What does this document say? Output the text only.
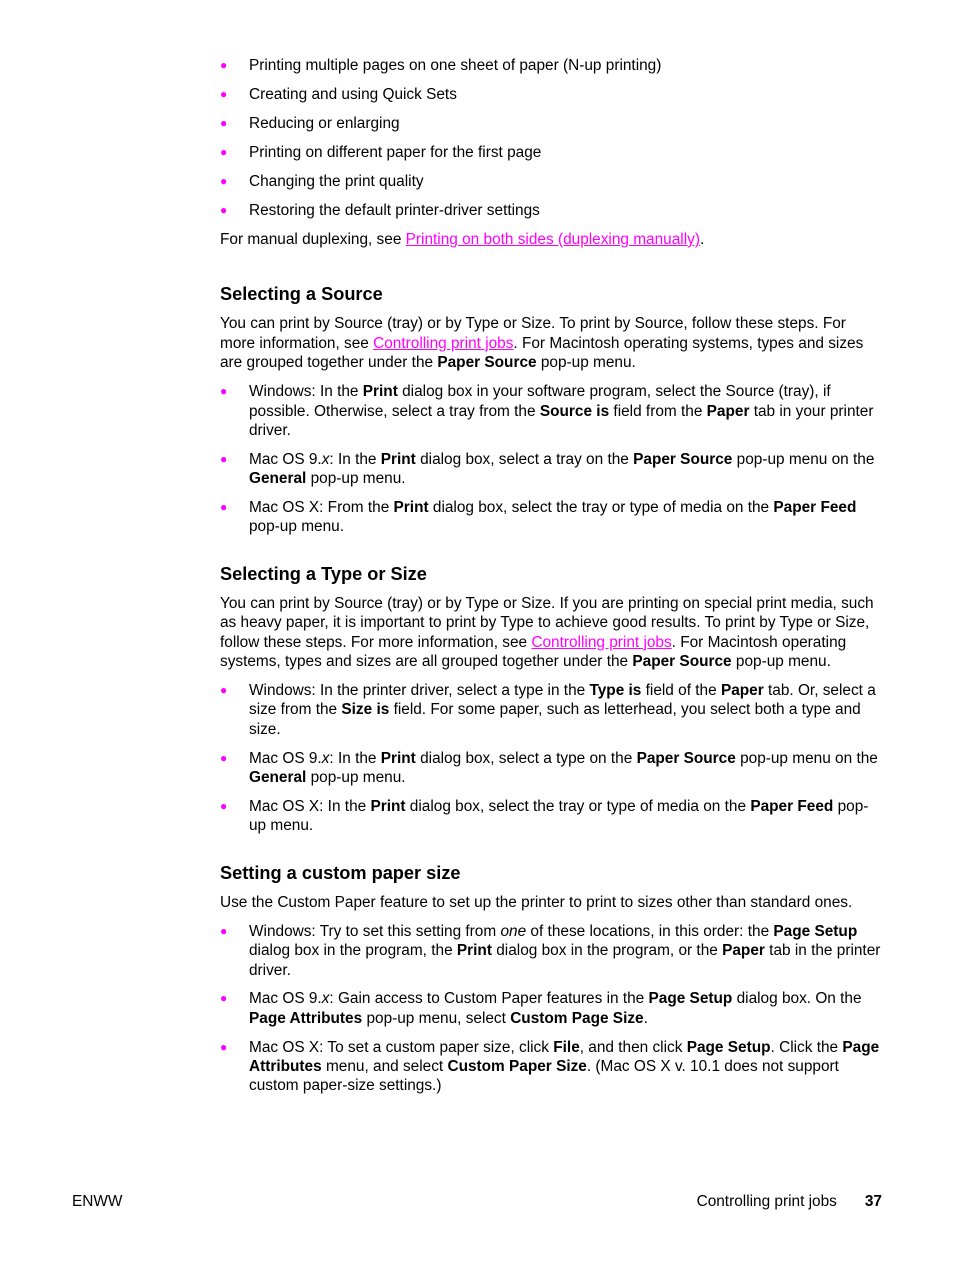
● Printing multiple pages on one sheet of paper (N-up printing)
● Creating and using Quick Sets
● Reducing or enlarging
● Printing on different paper for the first page
● Changing the print quality
● Restoring the default printer-driver settings

For manual duplexing, see Printing on both sides (duplexing manually).

Selecting a Source

You can print by Source (tray) or by Type or Size. To print by Source, follow these steps. For more information, see Controlling print jobs. For Macintosh operating systems, types and sizes are grouped together under the Paper Source pop-up menu.

● Windows: In the Print dialog box in your software program, select the Source (tray), if possible. Otherwise, select a tray from the Source is field from the Paper tab in your printer driver.
● Mac OS 9.x: In the Print dialog box, select a tray on the Paper Source pop-up menu on the General pop-up menu.
● Mac OS X: From the Print dialog box, select the tray or type of media on the Paper Feed pop-up menu.
Selecting a Type or Size

You can print by Source (tray) or by Type or Size. If you are printing on special print media, such as heavy paper, it is important to print by Type to achieve good results. To print by Type or Size, follow these steps. For more information, see Controlling print jobs. For Macintosh operating systems, types and sizes are all grouped together under the Paper Source pop-up menu.

● Windows: In the printer driver, select a type in the Type is field of the Paper tab. Or, select a size from the Size is field. For some paper, such as letterhead, you select both a type and size.
● Mac OS 9.x: In the Print dialog box, select a type on the Paper Source pop-up menu on the General pop-up menu.
● Mac OS X: In the Print dialog box, select the tray or type of media on the Paper Feed pop-up menu.
Setting a custom paper size

Use the Custom Paper feature to set up the printer to print to sizes other than standard ones.

● Windows: Try to set this setting from one of these locations, in this order: the Page Setup dialog box in the program, the Print dialog box in the program, or the Paper tab in the printer driver.
● Mac OS 9.x: Gain access to Custom Paper features in the Page Setup dialog box. On the Page Attributes pop-up menu, select Custom Page Size.
● Mac OS X: To set a custom paper size, click File, and then click Page Setup. Click the Page Attributes menu, and select Custom Paper Size. (Mac OS X v. 10.1 does not support custom paper-size settings.)
ENWW	Controlling print jobs 37
